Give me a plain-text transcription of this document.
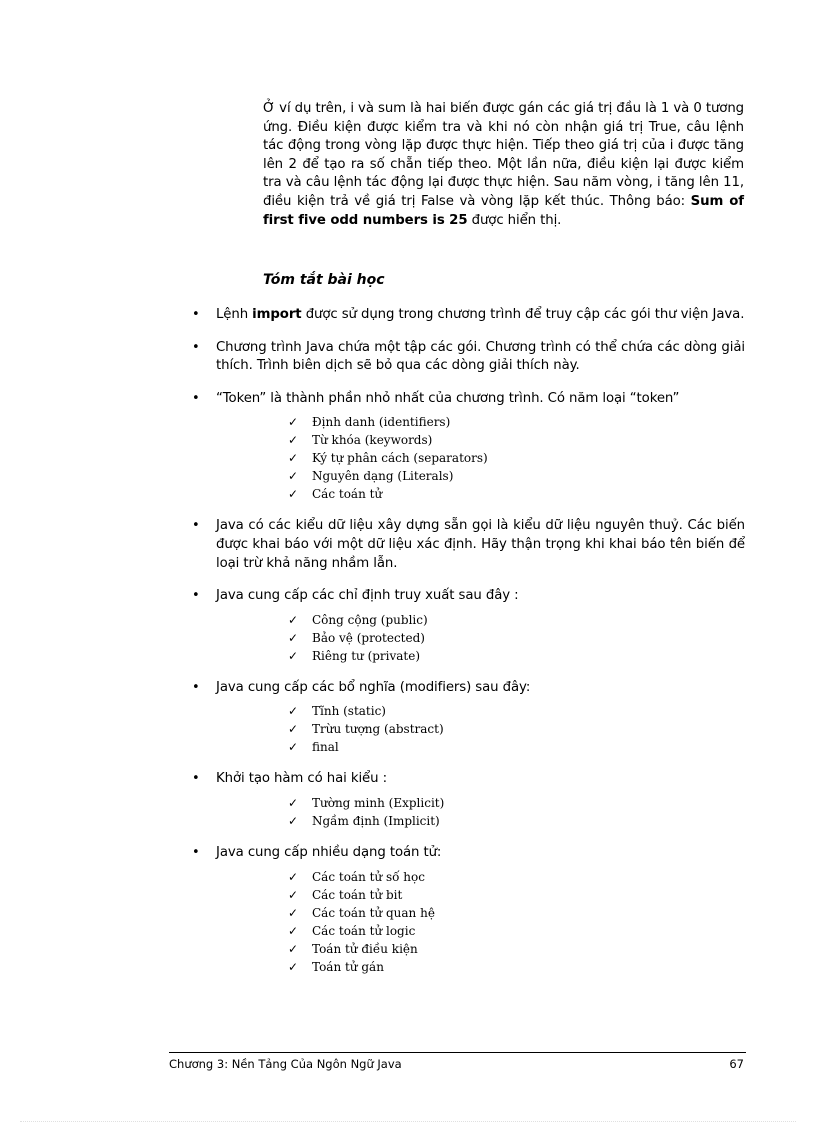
Ở ví dụ trên, i và sum là hai biến được gán các giá trị đầu là 1 và 0 tương ứng. Điều kiện được kiểm tra và khi nó còn nhận giá trị True, câu lệnh tác động trong vòng lặp được thực hiện. Tiếp theo giá trị của i được tăng lên 2 để tạo ra số chẵn tiếp theo. Một lần nữa, điều kiện lại được kiểm tra và câu lệnh tác động lại được thực hiện. Sau năm vòng, i tăng lên 11, điều kiện trả về giá trị False và vòng lặp kết thúc. Thông báo: Sum of first five odd numbers is 25 được hiển thị.

Tóm tắt bài học
• Lệnh import được sử dụng trong chương trình để truy cập các gói thư viện Java.
• Chương trình Java chứa một tập các gói. Chương trình có thể chứa các dòng giải thích. Trình biên dịch sẽ bỏ qua các dòng giải thích này.
• “Token” là thành phần nhỏ nhất của chương trình. Có năm loại “token”
✓	Định danh (identifiers)
✓	Từ khóa (keywords)
✓	Ký tự phân cách (separators)
✓	Nguyên dạng (Literals)
✓	Các toán tử
• Java có các kiểu dữ liệu xây dựng sẵn gọi là kiểu dữ liệu nguyên thuỷ. Các biến được khai báo với một dữ liệu xác định. Hãy thận trọng khi khai báo tên biến để loại trừ khả năng nhầm lẫn.
• Java cung cấp các chỉ định truy xuất sau đây :
✓	Công cộng (public)
✓	Bảo vệ (protected)
✓	Riêng tư (private)
• Java cung cấp các bổ nghĩa (modifiers) sau đây:
✓	Tĩnh (static)
✓	Trừu tượng (abstract)
✓	final
• Khởi tạo hàm có hai kiểu :
✓	Tường minh (Explicit)
✓	Ngầm định (Implicit)
• Java cung cấp nhiều dạng toán tử:
✓	Các toán tử số học
✓	Các toán tử bit
✓	Các toán tử quan hệ
✓	Các toán tử logic
✓	Toán tử điều kiện
✓	Toán tử gán
Chương 3: Nền Tảng Của Ngôn Ngữ Java	67
